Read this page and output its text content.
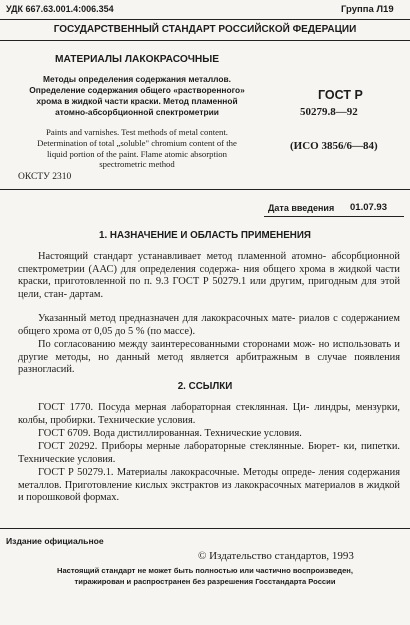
УДК 667.63.001.4:006.354	Группа Л19
ГОСУДАРСТВЕННЫЙ СТАНДАРТ РОССИЙСКОЙ ФЕДЕРАЦИИ
МАТЕРИАЛЫ ЛАКОКРАСОЧНЫЕ
Методы определения содержания металлов.
Определение содержания общего «растворенного»
хрома в жидкой части краски. Метод пламенной
атомно-абсорбционной спектрометрии
ГОСТ Р
50279.8—92
(ИСО 3856/6—84)
Paints and varnishes. Test methods of metal content.
Determination of total „soluble" chromium content of the
liquid portion of the paint. Flame atomic absorption
spectrometric method
ОКСТУ 2310
Дата введения 01.07.93
1. НАЗНАЧЕНИЕ И ОБЛАСТЬ ПРИМЕНЕНИЯ
Настоящий стандарт устанавливает метод пламенной атомно- абсорбционной спектрометрии (ААС) для определения содержа- ния общего хрома в жидкой части краски, приготовленной по п. 9.3 ГОСТ Р 50279.1 или другим, пригодным для этой цели, стан- дартам.
Указанный метод предназначен для лакокрасочных мате- риалов с содержанием общего хрома от 0,05 до 5 % (по массе).
По согласованию между заинтересованными сторонами мож- но использовать и другие методы, но данный метод является арбитражным в случае появления разногласий.
2. ССЫЛКИ
ГОСТ 1770. Посуда мерная лабораторная стеклянная. Ци- линдры, мензурки, колбы, пробирки. Технические условия.
ГОСТ 6709. Вода дистиллированная. Технические условия.
ГОСТ 20292. Приборы мерные лабораторные стеклянные. Бюрет- ки, пипетки. Технические условия.
ГОСТ Р 50279.1. Материалы лакокрасочные. Методы опреде- ления содержания металлов. Приготовление кислых экстрактов из лакокрасочных материалов в жидкой и порошковой формах.
Издание официальное
© Издательство стандартов, 1993
Настоящий стандарт не может быть полностью или частично воспроизведен,
тиражирован и распространен без разрешения Госстандарта России
